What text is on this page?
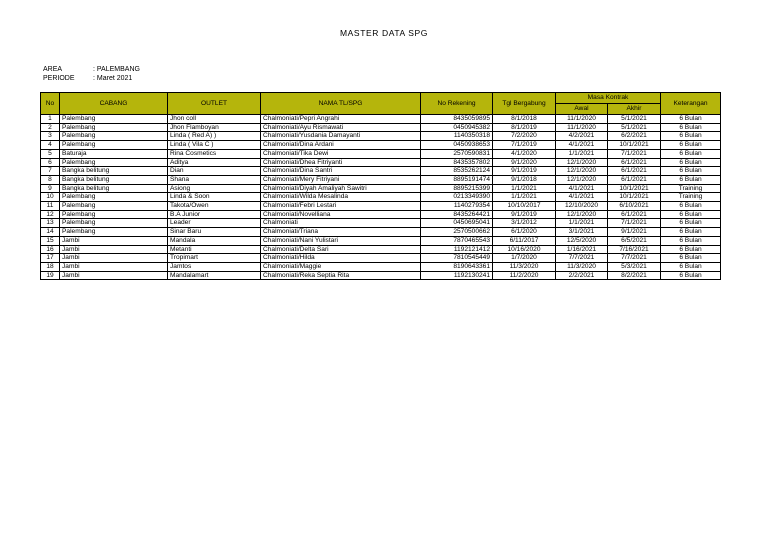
MASTER DATA SPG
AREA	: PALEMBANG
PERIODE	: Maret 2021
No	CABANG	OUTLET	NAMA TL/SPG	No Rekening	Tgl Bergabung	Masa Kontrak		Keterangan
						Awal	Akhir	
1	Palembang	Jhon coll	Chalmoniati/Pepri Angrahi	8435059895	8/1/2018	11/1/2020	5/1/2021	6 Bulan
2	Palembang	Jhon Flamboyan	Chalmoniati/Ayu Rismawati	0450945382	8/1/2019	11/1/2020	5/1/2021	6 Bulan
3	Palembang	Linda ( Red A) )	Chalmoniati/Yusdania Damayanti	1140350318	7/2/2020	4/2/2021	6/2/2021	6 Bulan
4	Palembang	Linda ( Vila C )	Chalmoniati/Dina Ardani	0450938653	7/1/2019	4/1/2021	10/1/2021	6 Bulan
5	Baturaja	Rina Cosmetics	Chalmoniati/Tika Dewi	2570590831	4/1/2020	1/1/2021	7/1/2021	6 Bulan
6	Palembang	Aditya	Chalmoniati/Dhea Fitriyanti	8435357802	9/1/2020	12/1/2020	6/1/2021	6 Bulan
7	Bangka belitung	Dian	Chalmoniati/Dina Santri	8535262124	9/1/2019	12/1/2020	6/1/2021	6 Bulan
8	Bangka belitung	Shana	Chalmoniati/Mery Fitriyani	8895191474	9/1/2018	12/1/2020	6/1/2021	6 Bulan
9	Bangka belitung	Asiong	Chalmoniati/Diyah Amaliyah Sawitri	8895215399	1/1/2021	4/1/2021	10/1/2021	Training
10	Palembang	Linda & Soon	Chalmoniati/Wilda Mesalinda	0213349390	1/1/2021	4/1/2021	10/1/2021	Training
11	Palembang	Takota/Owen	Chalmoniati/Febri Lestari	1140279354	10/10/2017	12/10/2020	6/10/2021	6 Bulan
12	Palembang	B.A Junior	Chalmoniati/Novelliana	8435264421	9/1/2019	12/1/2020	6/1/2021	6 Bulan
13	Palembang	Leader	Chalmoniati	0450695041	3/1/2012	1/1/2021	7/1/2021	6 Bulan
14	Palembang	Sinar Baru	Chalmoniati/Triana	2570500662	6/1/2020	3/1/2021	9/1/2021	6 Bulan
15	Jambi	Mandala	Chalmoniati/Nani Yulistari	7870465543	6/11/2017	12/5/2020	6/5/2021	6 Bulan
16	Jambi	Metanti	Chalmoniati/Delta Sari	1192121412	10/16/2020	1/16/2021	7/16/2021	6 Bulan
17	Jambi	Tropimart	Chalmoniati/Hilda	7810545449	1/7/2020	7/7/2021	7/7/2021	6 Bulan
18	Jambi	Jamtos	Chalmoniati/Maggie	8190643361	11/3/2020	11/3/2020	5/3/2021	6 Bulan
19	Jambi	Mandalamart	Chalmoniati/Reka Septia Rita	1192130241	11/2/2020	2/2/2021	8/2/2021	6 Bulan
